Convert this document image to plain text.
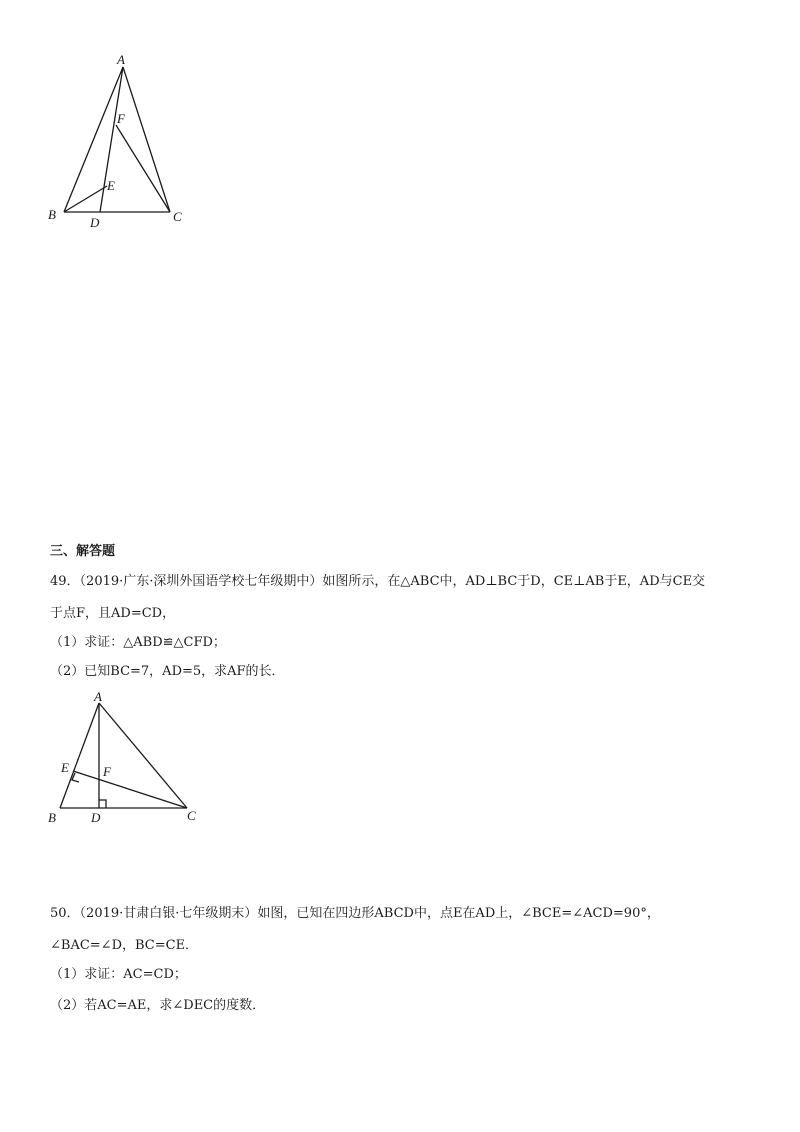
A
F
E
B
D	C

三、解答题

49．（2019·广东·深圳外国语学校七年级期中）如图所示，在△ABC中，AD⊥BC于D，CE⊥AB于E，AD与CE交

于点F，且AD=CD，

（1）求证：△ABD≌△CFD；

（2）已知BC=7，AD=5，求AF的长．

A
E	F
B	D	C

50．（2019·甘肃白银·七年级期末）如图，已知在四边形ABCD中，点E在AD上，∠BCE=∠ACD=90°，

∠BAC=∠D，BC=CE．

（1）求证：AC=CD；

（2）若AC=AE，求∠DEC的度数．
